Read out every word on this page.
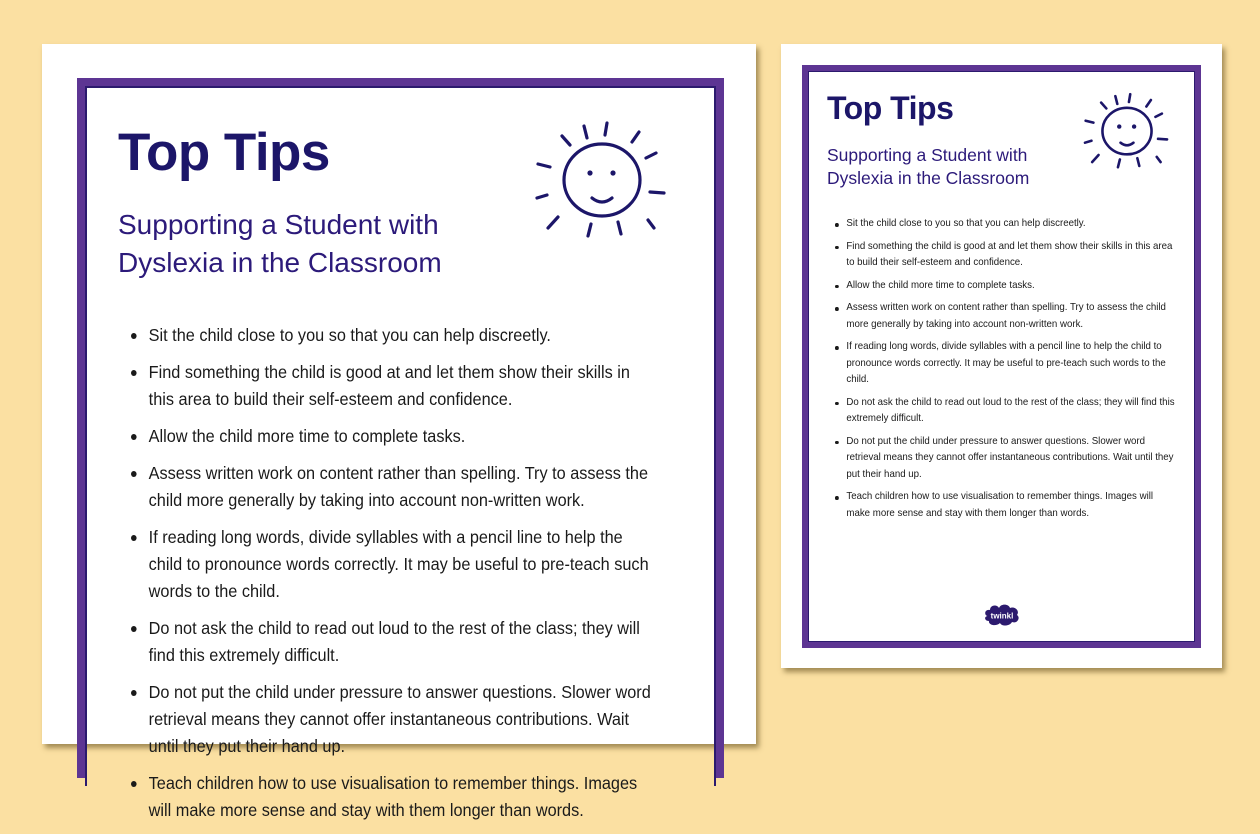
Top Tips
Supporting a Student with
Dyslexia in the Classroom
Sit the child close to you so that you can help discreetly.
Find something the child is good at and let them show their skills in this area to build their self-esteem and confidence.
Allow the child more time to complete tasks.
Assess written work on content rather than spelling. Try to assess the child more generally by taking into account non-written work.
If reading long words, divide syllables with a pencil line to help the child to pronounce words correctly. It may be useful to pre-teach such words to the child.
Do not ask the child to read out loud to the rest of the class; they will find this extremely difficult.
Do not put the child under pressure to answer questions. Slower word retrieval means they cannot offer instantaneous contributions. Wait until they put their hand up.
Teach children how to use visualisation to remember things. Images will make more sense and stay with them longer than words.
Top Tips
Supporting a Student with
Dyslexia in the Classroom
Sit the child close to you so that you can help discreetly.
Find something the child is good at and let them show their skills in this area to build their self-esteem and confidence.
Allow the child more time to complete tasks.
Assess written work on content rather than spelling. Try to assess the child more generally by taking into account non-written work.
If reading long words, divide syllables with a pencil line to help the child to pronounce words correctly. It may be useful to pre-teach such words to the child.
Do not ask the child to read out loud to the rest of the class; they will find this extremely difficult.
Do not put the child under pressure to answer questions. Slower word retrieval means they cannot offer instantaneous contributions. Wait until they put their hand up.
Teach children how to use visualisation to remember things. Images will make more sense and stay with them longer than words.
twinkl
